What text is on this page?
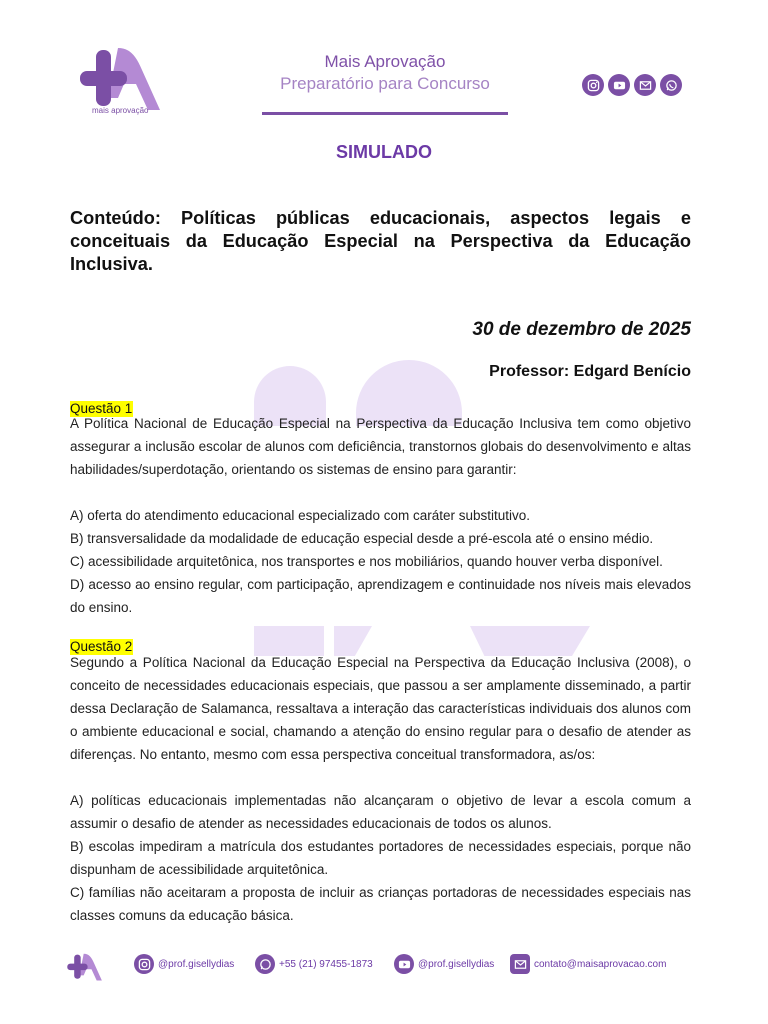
mais aprovação
Mais Aprovação
Preparatório para Concurso
SIMULADO
Conteúdo: Políticas públicas educacionais, aspectos legais e conceituais da Educação Especial na Perspectiva da Educação Inclusiva.
30 de dezembro de 2025
Professor: Edgard Benício
Questão 1

A Política Nacional de Educação Especial na Perspectiva da Educação Inclusiva tem como objetivo assegurar a inclusão escolar de alunos com deficiência, transtornos globais do desenvolvimento e altas habilidades/superdotação, orientando os sistemas de ensino para garantir:

A) oferta do atendimento educacional especializado com caráter substitutivo.

B) transversalidade da modalidade de educação especial desde a pré-escola até o ensino médio.

C) acessibilidade arquitetônica, nos transportes e nos mobiliários, quando houver verba disponível.

D) acesso ao ensino regular, com participação, aprendizagem e continuidade nos níveis mais elevados do ensino.

Questão 2

Segundo a Política Nacional da Educação Especial na Perspectiva da Educação Inclusiva (2008), o conceito de necessidades educacionais especiais, que passou a ser amplamente disseminado, a partir dessa Declaração de Salamanca, ressaltava a interação das características individuais dos alunos com o ambiente educacional e social, chamando a atenção do ensino regular para o desafio de atender as diferenças. No entanto, mesmo com essa perspectiva conceitual transformadora, as/os:

A) políticas educacionais implementadas não alcançaram o objetivo de levar a escola comum a assumir o desafio de atender as necessidades educacionais de todos os alunos.

B) escolas impediram a matrícula dos estudantes portadores de necessidades especiais, porque não dispunham de acessibilidade arquitetônica.

C) famílias não aceitaram a proposta de incluir as crianças portadoras de necessidades especiais nas classes comuns da educação básica.

@prof.gisellydias	+55 (21) 97455-1873	@prof.gisellydias	contato@maisaprovacao.com
